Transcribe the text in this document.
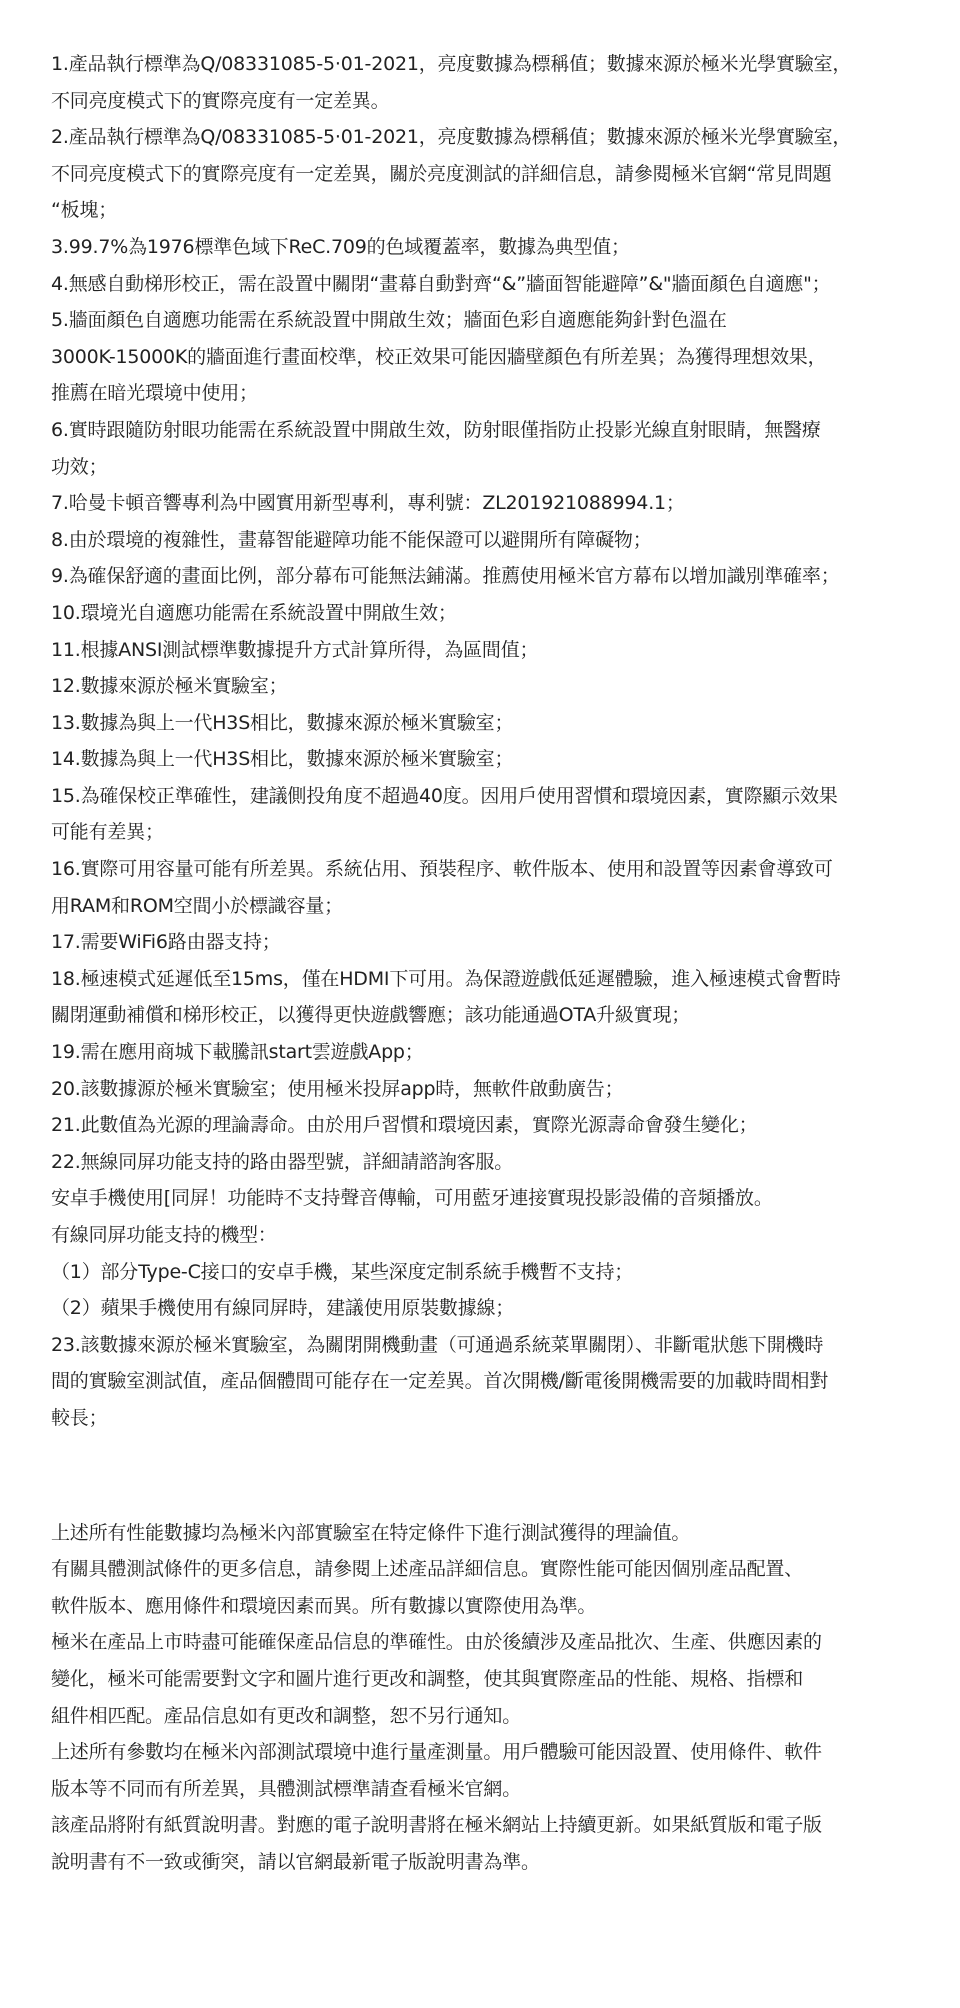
1.產品執行標準為Q/08331085-5·01-2021，亮度數據為標稱值；數據來源於極米光學實驗室，
不同亮度模式下的實際亮度有一定差異。
2.產品執行標準為Q/08331085-5·01-2021，亮度數據為標稱值；數據來源於極米光學實驗室，
不同亮度模式下的實際亮度有一定差異，關於亮度測試的詳細信息，請參閱極米官網“常見問題
“板塊；
3.99.7%為1976標準色域下ReC.709的色域覆蓋率，數據為典型值；
4.無感自動梯形校正，需在設置中關閉“畫幕自動對齊“&”牆面智能避障”&"牆面顏色自適應"；
5.牆面顏色自適應功能需在系統設置中開啟生效；牆面色彩自適應能夠針對色溫在
3000K-15000K的牆面進行畫面校準，校正效果可能因牆壁顏色有所差異；為獲得理想效果，
推薦在暗光環境中使用；
6.實時跟隨防射眼功能需在系統設置中開啟生效，防射眼僅指防止投影光線直射眼睛，無醫療
功效；
7.哈曼卡頓音響專利為中國實用新型專利，專利號：ZL201921088994.1；
8.由於環境的複雜性，畫幕智能避障功能不能保證可以避開所有障礙物；
9.為確保舒適的畫面比例，部分幕布可能無法鋪滿。推薦使用極米官方幕布以增加識別準確率；
10.環境光自適應功能需在系統設置中開啟生效；
11.根據ANSI測試標準數據提升方式計算所得，為區間值；
12.數據來源於極米實驗室；
13.數據為與上一代H3S相比，數據來源於極米實驗室；
14.數據為與上一代H3S相比，數據來源於極米實驗室；
15.為確保校正準確性，建議側投角度不超過40度。因用戶使用習慣和環境因素，實際顯示效果
可能有差異；
16.實際可用容量可能有所差異。系統佔用、預裝程序、軟件版本、使用和設置等因素會導致可
用RAM和ROM空間小於標識容量；
17.需要WiFi6路由器支持；
18.極速模式延遲低至15ms，僅在HDMI下可用。為保證遊戲低延遲體驗，進入極速模式會暫時
關閉運動補償和梯形校正，以獲得更快遊戲響應；該功能通過OTA升級實現；
19.需在應用商城下載騰訊start雲遊戲App；
20.該數據源於極米實驗室；使用極米投屏app時，無軟件啟動廣告；
21.此數值為光源的理論壽命。由於用戶習慣和環境因素，實際光源壽命會發生變化；
22.無線同屏功能支持的路由器型號，詳細請諮詢客服。
安卓手機使用[同屏！功能時不支持聲音傳輸，可用藍牙連接實現投影設備的音頻播放。
有線同屏功能支持的機型：
（1）部分Type-C接口的安卓手機，某些深度定制系統手機暫不支持；
（2）蘋果手機使用有線同屏時，建議使用原裝數據線；
23.該數據來源於極米實驗室，為關閉開機動畫（可通過系統菜單關閉）、非斷電狀態下開機時
間的實驗室測試值，產品個體間可能存在一定差異。首次開機/斷電後開機需要的加載時間相對
較長；
上述所有性能數據均為極米內部實驗室在特定條件下進行測試獲得的理論值。
有關具體測試條件的更多信息，請參閱上述產品詳細信息。實際性能可能因個別產品配置、
軟件版本、應用條件和環境因素而異。所有數據以實際使用為準。
極米在產品上市時盡可能確保產品信息的準確性。由於後續涉及產品批次、生產、供應因素的
變化，極米可能需要對文字和圖片進行更改和調整，使其與實際產品的性能、規格、指標和
組件相匹配。產品信息如有更改和調整，恕不另行通知。
上述所有參數均在極米內部測試環境中進行量產測量。用戶體驗可能因設置、使用條件、軟件
版本等不同而有所差異，具體測試標準請查看極米官網。
該產品將附有紙質說明書。對應的電子說明書將在極米網站上持續更新。如果紙質版和電子版
說明書有不一致或衝突，請以官網最新電子版說明書為準。
